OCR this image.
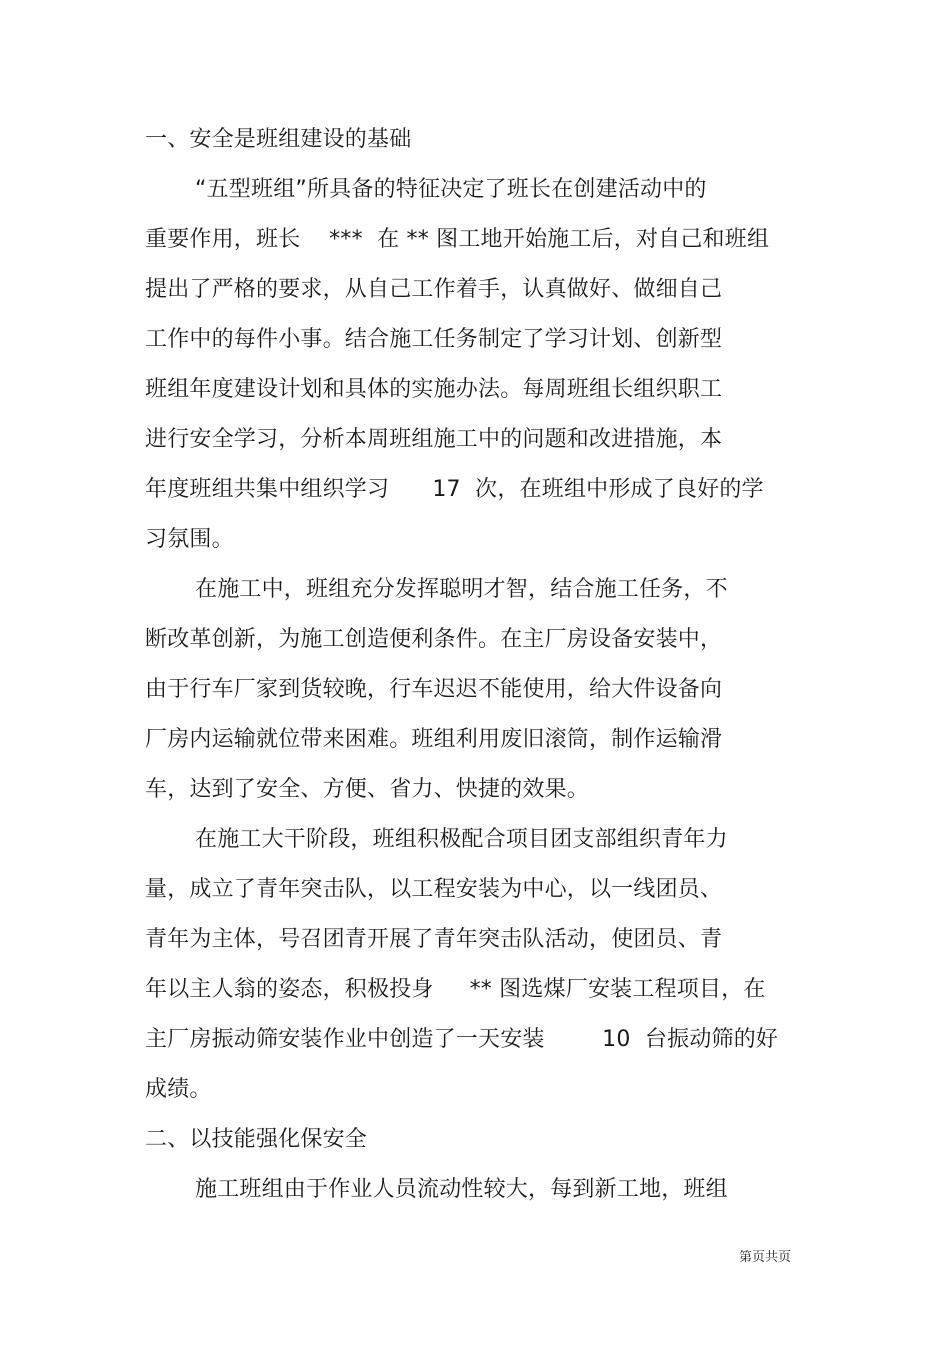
一、安全是班组建设的基础
“五型班组”所具备的特征决定了班长在创建活动中的
重要作用，班长    ***  在 ** 图工地开始施工后，对自己和班组
提出了严格的要求，从自己工作着手，认真做好、做细自己
工作中的每件小事。结合施工任务制定了学习计划、创新型
班组年度建设计划和具体的实施办法。每周班组长组织职工
进行安全学习，分析本周班组施工中的问题和改进措施，本
年度班组共集中组织学习      17  次，在班组中形成了良好的学
习氛围。
在施工中，班组充分发挥聪明才智，结合施工任务，不
断改革创新，为施工创造便利条件。在主厂房设备安装中，
由于行车厂家到货较晚，行车迟迟不能使用，给大件设备向
厂房内运输就位带来困难。班组利用废旧滚筒，制作运输滑
车，达到了安全、方便、省力、快捷的效果。
在施工大干阶段，班组积极配合项目团支部组织青年力
量，成立了青年突击队，以工程安装为中心，以一线团员、
青年为主体，号召团青开展了青年突击队活动，使团员、青
年以主人翁的姿态，积极投身     ** 图选煤厂安装工程项目，在
主厂房振动筛安装作业中创造了一天安装        10  台振动筛的好
成绩。
二、以技能强化保安全
施工班组由于作业人员流动性较大，每到新工地，班组
第页共页
